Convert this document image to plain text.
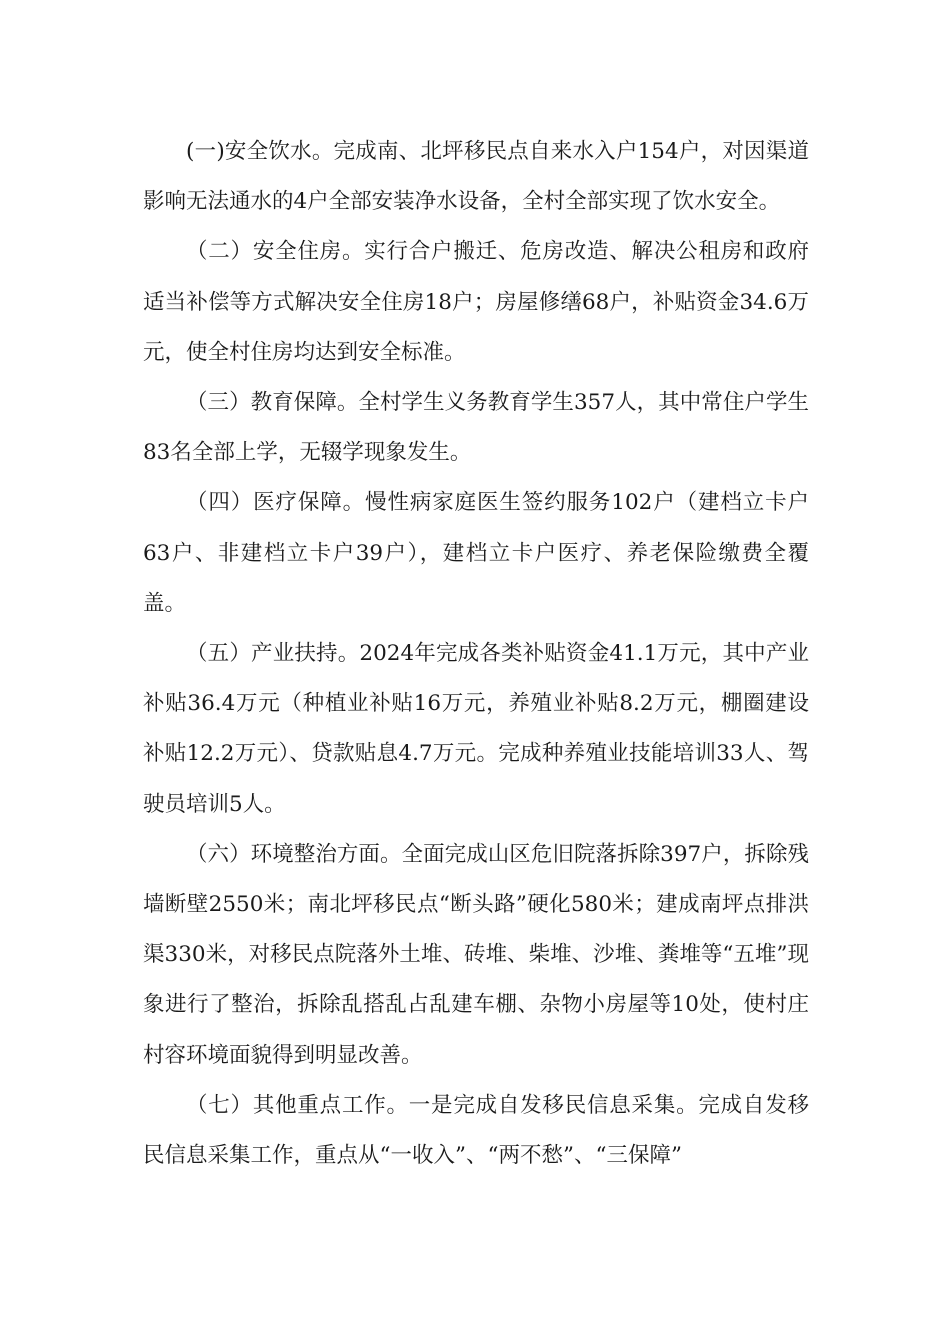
(一)安全饮水。完成南、北坪移民点自来水入户154户，对因渠道影响无法通水的4户全部安装净水设备，全村全部实现了饮水安全。

（二）安全住房。实行合户搬迁、危房改造、解决公租房和政府适当补偿等方式解决安全住房18户；房屋修缮68户，补贴资金34.6万元，使全村住房均达到安全标准。

（三）教育保障。全村学生义务教育学生357人，其中常住户学生83名全部上学，无辍学现象发生。

（四）医疗保障。慢性病家庭医生签约服务102户（建档立卡户63户、非建档立卡户39户），建档立卡户医疗、养老保险缴费全覆盖。

（五）产业扶持。2024年完成各类补贴资金41.1万元，其中产业补贴36.4万元（种植业补贴16万元，养殖业补贴8.2万元，棚圈建设补贴12.2万元）、贷款贴息4.7万元。完成种养殖业技能培训33人、驾驶员培训5人。

（六）环境整治方面。全面完成山区危旧院落拆除397户，拆除残墙断壁2550米；南北坪移民点“断头路”硬化580米；建成南坪点排洪渠330米，对移民点院落外土堆、砖堆、柴堆、沙堆、粪堆等“五堆”现象进行了整治，拆除乱搭乱占乱建车棚、杂物小房屋等10处，使村庄村容环境面貌得到明显改善。

（七）其他重点工作。一是完成自发移民信息采集。完成自发移民信息采集工作，重点从“一收入”、“两不愁”、“三保障”
